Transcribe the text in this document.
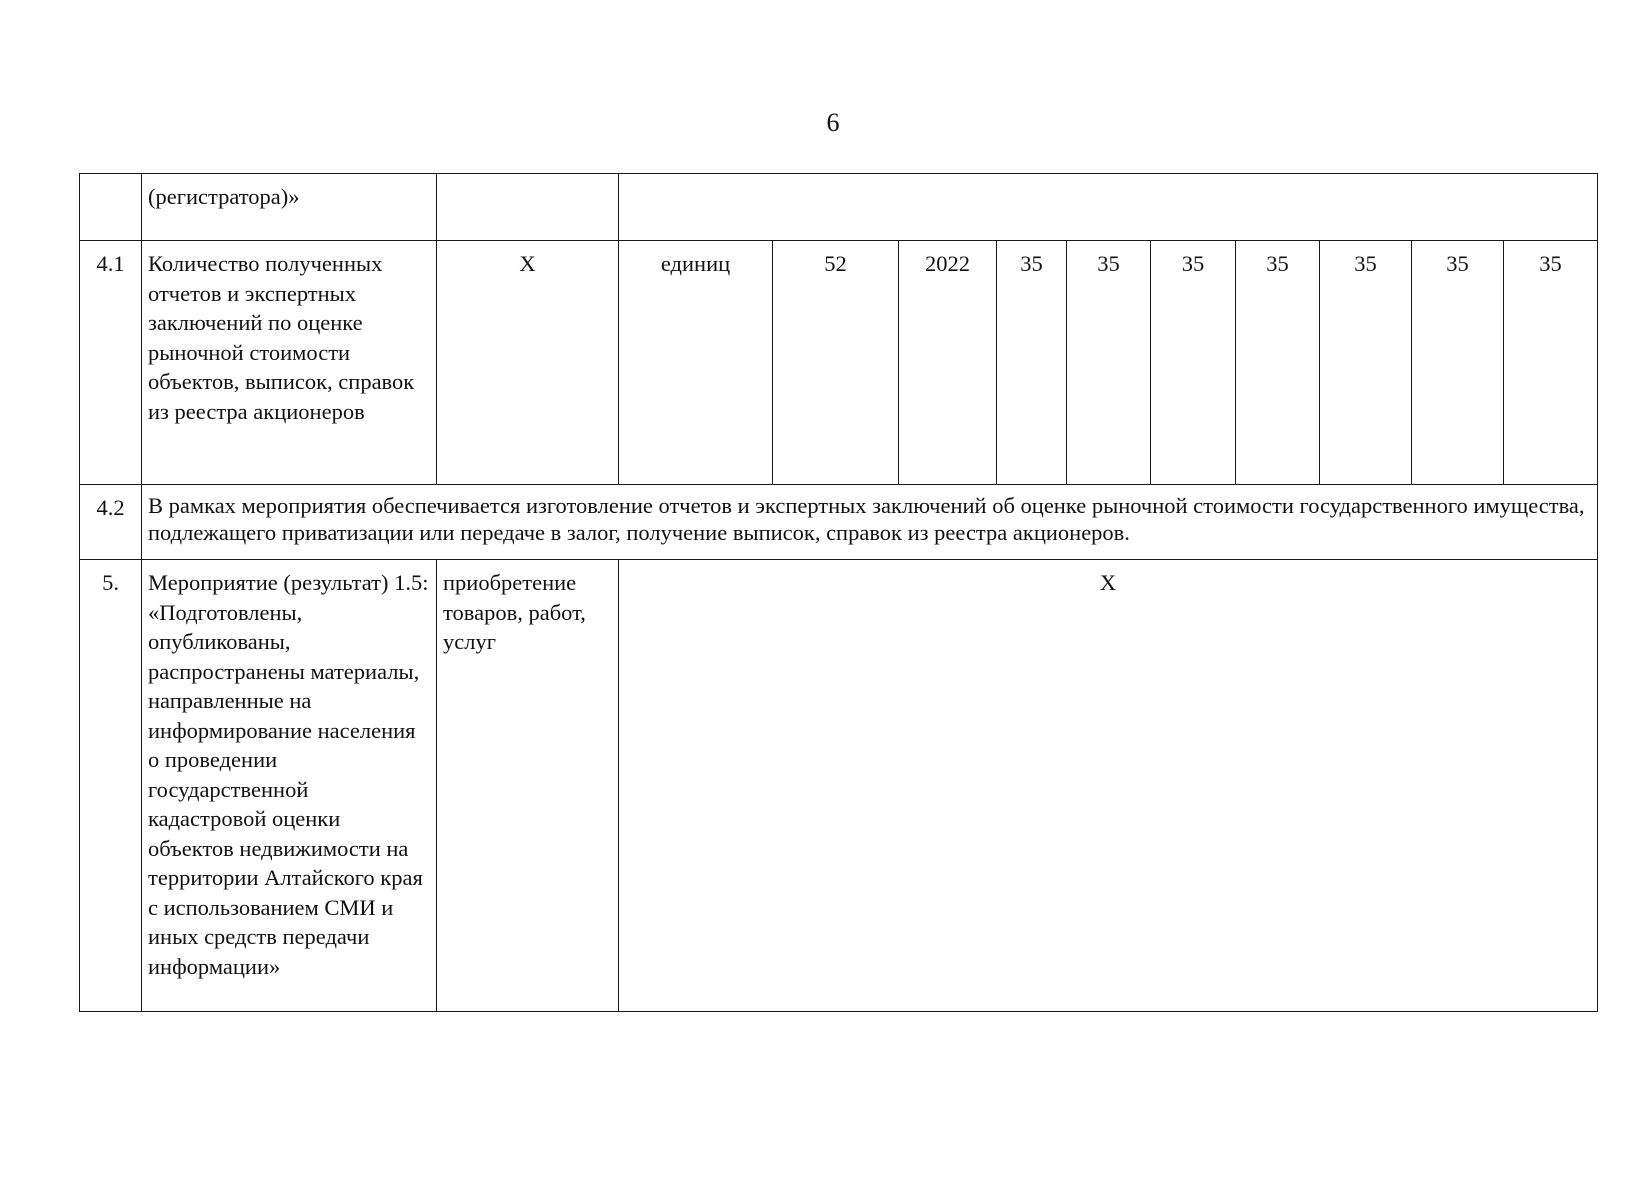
6
	(регистратора)»											
4.1	Количество полученных отчетов и экспертных заключений по оценке рыночной стоимости объектов, выписок, справок из реестра акционеров	Х	единиц	52	2022	35	35	35	35	35	35	35
4.2	В рамках мероприятия обеспечивается изготовление отчетов и экспертных заключений об оценке рыночной стоимости государственного имущества, подлежащего приватизации или передаче в залог, получение выписок, справок из реестра акционеров.											
5.	Мероприятие (результат) 1.5: «Подготовлены, опубликованы, распространены материалы, направленные на информирование населения о проведении государственной кадастровой оценки объектов недвижимости на территории Алтайского края с использованием СМИ и иных средств передачи информации»	приобретение товаров, работ, услуг	Х									
